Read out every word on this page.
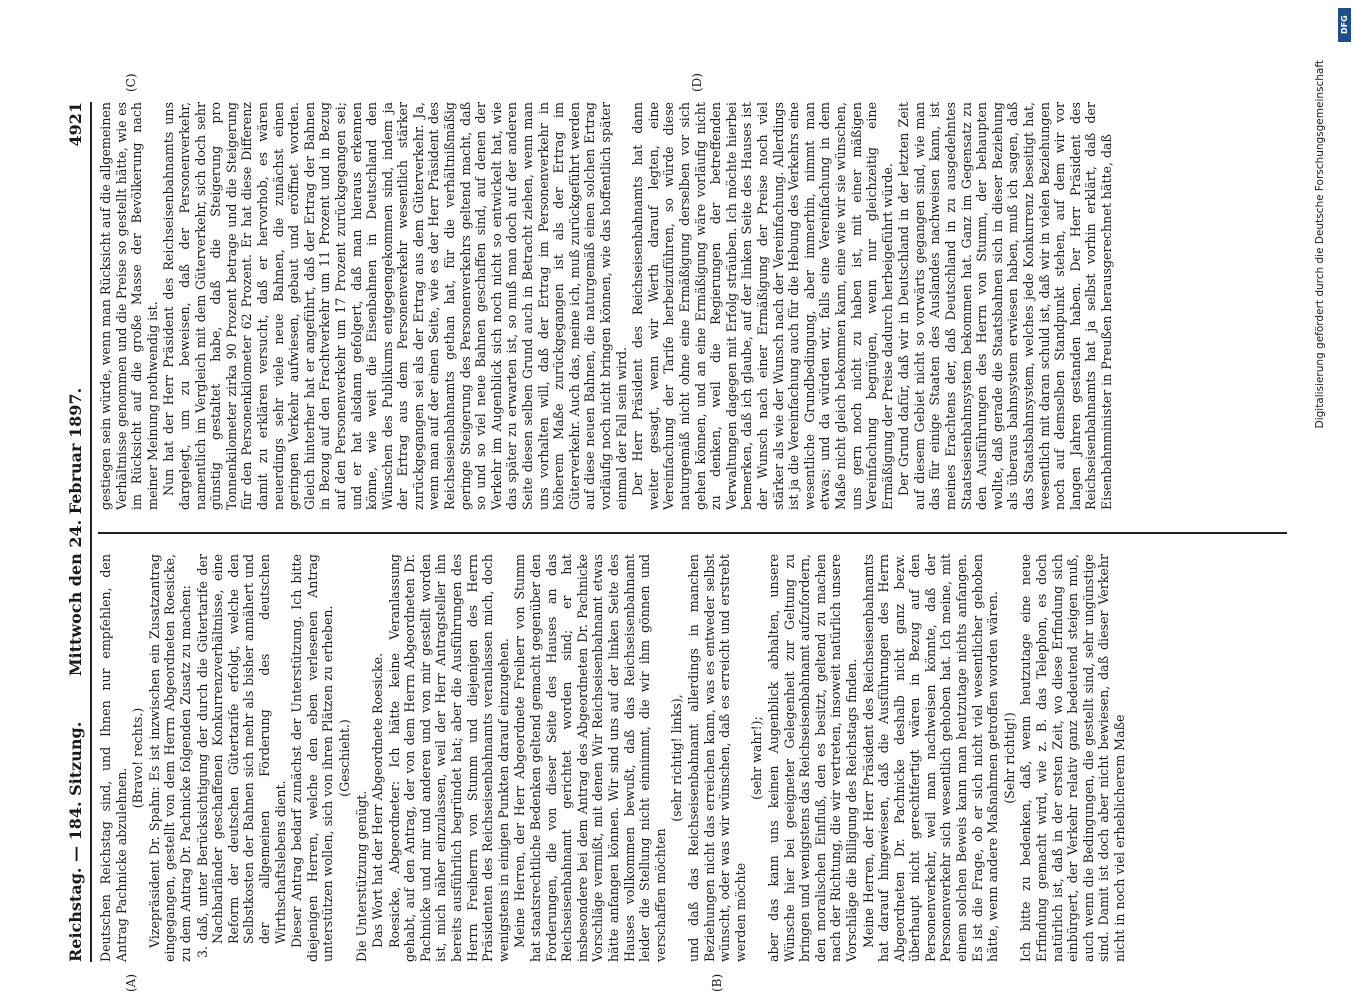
Reichstag. — 184. Sitzung.
Mittwoch den 24. Februar 1897.
4921

Deutschen Reichstag sind, und Ihnen nur empfehlen, den Antrag Pachnicke abzulehnen.

(Bravo! rechts.) Vizepräsident Dr. Spahn: Es ist inzwischen ein Zusatzantrag eingegangen, gestellt von dem Herrn Abgeordneten Roesicke, zu dem Antrag Dr. Pachnicke folgenden Zusatz zu machen: 3. daß, unter Berücksichtigung der durch die Gütertarife der Nachbarländer geschaffenen Konkurrenzverhältnisse, eine Reform der deutschen Gütertarife erfolgt, welche den Selbstkosten der Bahnen sich mehr als bisher annähert und der allgemeinen Förderung des deutschen Wirthschaftslebens dient. Dieser Antrag bedarf zunächst der Unterstützung. Ich bitte diejenigen Herren, welche den eben verlesenen Antrag unterstützen wollen, sich von ihren Plätzen zu erheben. (Geschieht.)

Die Unterstützung genügt. Das Wort hat der Herr Abgeordnete Roesicke. Roesicke, Abgeordneter: Ich hätte keine Veranlassung gehabt, auf den Antrag, der von dem Herrn Abgeordneten Dr. Pachnicke und mir und anderen und von mir gestellt worden ist, mich näher einzulassen, weil der Herr Antragsteller ihn bereits ausführlich begründet hat; aber die Ausführungen des Herrn Freiherrn von Stumm und diejenigen des Herrn Präsidenten des Reichseisenbahnamts veranlassen mich, doch wenigstens in einigen Punkten darauf einzugehen. Meine Herren, der Herr Abgeordnete Freiherr von Stumm hat staatsrechtliche Bedenken geltend gemacht gegenüber den Forderungen, die von dieser Seite des Hauses an das Reichseisenbahnamt gerichtet worden sind; er hat insbesondere bei dem Antrag des Abgeordneten Dr. Pachnicke Vorschläge vermißt, mit denen Wir Reichseisenbahnamt etwas hätte anfangen können. Wir sind uns auf der linken Seite des Hauses vollkommen bewußt, daß das Reichseisenbahnamt leider die Stellung nicht einnimmt, die wir ihm gönnen und verschaffen möchten

(sehr richtig! links), und daß das Reichseisenbahnamt allerdings in manchen Beziehungen nicht das erreichen kann, was es entweder selbst wünscht, oder was wir wünschen, daß es erreicht und erstrebt werden möchte

(sehr wahr!); aber das kann uns keinen Augenblick abhalten, unsere Wünsche hier bei geeigneter Gelegenheit zur Geltung zu bringen und wenigstens das Reichseisenbahnamt aufzufordern, den moralischen Einfluß, den es besitzt, geltend zu machen nach der Richtung, die wir vertreten, insoweit natürlich unsere Vorschläge die Billigung des Reichstags finden. Meine Herren, der Herr Präsident des Reichseisenbahnamts hat darauf hingewiesen, daß die Ausführungen des Herrn Abgeordneten Dr. Pachnicke deshalb nicht ganz bezw. überhaupt nicht gerechtfertigt wären in Bezug auf den Personenverkehr, weil man nachweisen könnte, daß der Personenverkehr sich wesentlich gehoben hat. Ich meine, mit einem solchen Beweis kann man heutzutage nichts anfangen. Es ist die Frage, ob er sich nicht viel wesentlicher gehoben hätte, wenn andere Maßnahmen getroffen worden wären. (Sehr richtig!) Ich bitte zu bedenken, daß, wenn heutzutage eine neue Erfindung gemacht wird, wie z. B. das Telephon, es doch natürlich ist, daß in der ersten Zeit, wo diese Erfindung sich einbürgert, der Verkehr relativ ganz bedeutend steigen muß, auch wenn die Bedingungen, die gestellt sind, sehr ungünstige sind. Damit ist doch aber nicht bewiesen, daß dieser Verkehr nicht in noch viel erheblicherem Maße

gestiegen sein würde, wenn man Rücksicht auf die allgemeinen Verhältnisse genommen und die Preise so gestellt hätte, wie es im Rücksicht auf die große Masse der Bevölkerung nach meiner Meinung nothwendig ist. Nun hat der Herr Präsident des Reichseisenbahnamts uns dargelegt, um zu beweisen, daß der Personenverkehr, namentlich im Vergleich mit dem Güterverkehr, sich doch sehr günstig gestaltet habe, daß die Steigerung pro Tonnenkilometer zirka 90 Prozent betrage und die Steigerung für den Personenkilometer 62 Prozent. Er hat diese Differenz damit zu erklären versucht, daß er hervorhob, es wären neuerdings sehr viele neue Bahnen, die zunächst einen geringen Verkehr aufwiesen, gebaut und eröffnet worden. Gleich hinterher hat er angeführt, daß der Ertrag der Bahnen in Bezug auf den Frachtverkehr um 11 Prozent und in Bezug auf den Personenverkehr um 17 Prozent zurückgegangen sei; und er hat alsdann gefolgert, daß man hieraus erkennen könne, wie weit die Eisenbahnen in Deutschland den Wünschen des Publikums entgegengekommen sind, indem ja der Ertrag aus dem Personenverkehr wesentlich stärker zurückgegangen sei als der Ertrag aus dem Güterverkehr. Ja, wenn man auf der einen Seite, wie es der Herr Präsident des Reichseisenbahnamts gethan hat, für die verhältnißmäßig geringe Steigerung des Personenverkehrs geltend macht, daß so und so viel neue Bahnen geschaffen sind, auf denen der Verkehr im Augenblick sich noch nicht so entwickelt hat, wie das später zu erwarten ist, so muß man doch auf der anderen Seite diesen selben Grund auch in Betracht ziehen, wenn man uns vorhalten will, daß der Ertrag im Personenverkehr in höherem Maße zurückgegangen ist als der Ertrag im Güterverkehr. Auch das, meine ich, muß zurückgeführt werden auf diese neuen Bahnen, die naturgemäß einen solchen Ertrag vorläufig noch nicht bringen können, wie das hoffentlich später einmal der Fall sein wird. Der Herr Präsident des Reichseisenbahnamts hat dann weiter gesagt, wenn wir Werth darauf legten, eine Vereinfachung der Tarife herbeizuführen, so würde diese naturgemäß nicht ohne eine Ermäßigung derselben vor sich gehen können, und an eine Ermäßigung wäre vorläufig nicht zu denken, weil die Regierungen der betreffenden Verwaltungen dagegen mit Erfolg sträuben. Ich möchte hierbei bemerken, daß ich glaube, auf der linken Seite des Hauses ist der Wunsch nach einer Ermäßigung der Preise noch viel stärker als wie der Wunsch nach der Vereinfachung. Allerdings ist ja die Vereinfachung auch für die Hebung des Verkehrs eine wesentliche Grundbedingung, aber immerhin, nimmt man etwas; und da würden wir, falls eine Vereinfachung in dem Maße nicht gleich bekommen kann, eine wie wir sie wünschen, uns gern noch nicht zu haben ist, mit einer mäßigen Vereinfachung begnügen, wenn nur gleichzeitig eine Ermäßigung der Preise dadurch herbeigeführt würde. Der Grund dafür, daß wir in Deutschland in der letzten Zeit auf diesem Gebiet nicht so vorwärts gegangen sind, wie man das für einige Staaten des Auslandes nachweisen kann, ist meines Erachtens der, daß Deutschland in zu ausgedehntes Staatseisenbahnsystem bekommen hat. Ganz im Gegensatz zu den Ausführungen des Herrn von Stumm, der behaupten wollte, daß gerade die Staatsbahnen sich in dieser Beziehung als überaus bahnsystem erwiesen haben, muß ich sagen, daß das Staatsbahnsystem, welches jede Konkurrenz beseitigt hat, wesentlich mit daran schuld ist, daß wir in vielen Beziehungen noch auf demselben Standpunkt stehen, auf dem wir vor langen Jahren gestanden haben. Der Herr Präsident des Reichseisenbahnamts hat ja selbst vorhin erklärt, daß der Eisenbahnminister in Preußen herausgerechnet hätte, daß

(A)	(B)
(C)	(D)	Digitalisierung gefördert durch die Deutsche Forschungsgemeinschaft
DFG
